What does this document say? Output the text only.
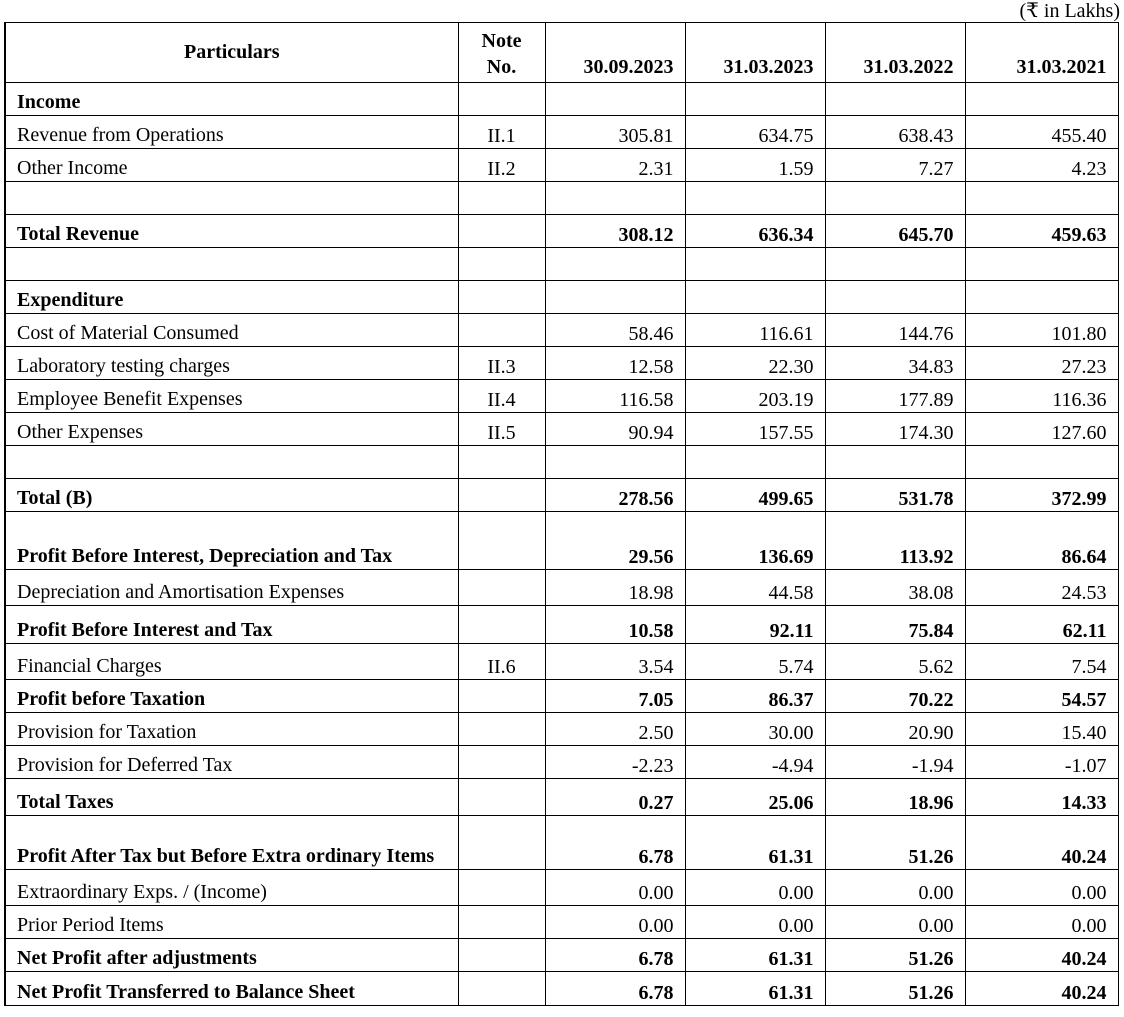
(₹ in Lakhs)
Particulars	Note No.	30.09.2023	31.03.2023	31.03.2022	31.03.2021
Income					
Revenue from Operations	II.1	305.81	634.75	638.43	455.40
Other Income	II.2	2.31	1.59	7.27	4.23

Total Revenue		308.12	636.34	645.70	459.63

Expenditure					
Cost of Material Consumed		58.46	116.61	144.76	101.80
Laboratory testing charges	II.3	12.58	22.30	34.83	27.23
Employee Benefit Expenses	II.4	116.58	203.19	177.89	116.36
Other Expenses	II.5	90.94	157.55	174.30	127.60

Total (B)		278.56	499.65	531.78	372.99
Profit Before Interest, Depreciation and Tax		29.56	136.69	113.92	86.64
Depreciation and Amortisation Expenses		18.98	44.58	38.08	24.53
Profit Before Interest and Tax		10.58	92.11	75.84	62.11
Financial Charges	II.6	3.54	5.74	5.62	7.54
Profit before Taxation		7.05	86.37	70.22	54.57
Provision for Taxation		2.50	30.00	20.90	15.40
Provision for Deferred Tax		-2.23	-4.94	-1.94	-1.07
Total Taxes		0.27	25.06	18.96	14.33
Profit After Tax but Before Extra ordinary Items		6.78	61.31	51.26	40.24
Extraordinary Exps. / (Income)		0.00	0.00	0.00	0.00
Prior Period Items		0.00	0.00	0.00	0.00
Net Profit after adjustments		6.78	61.31	51.26	40.24
Net Profit Transferred to Balance Sheet		6.78	61.31	51.26	40.24
